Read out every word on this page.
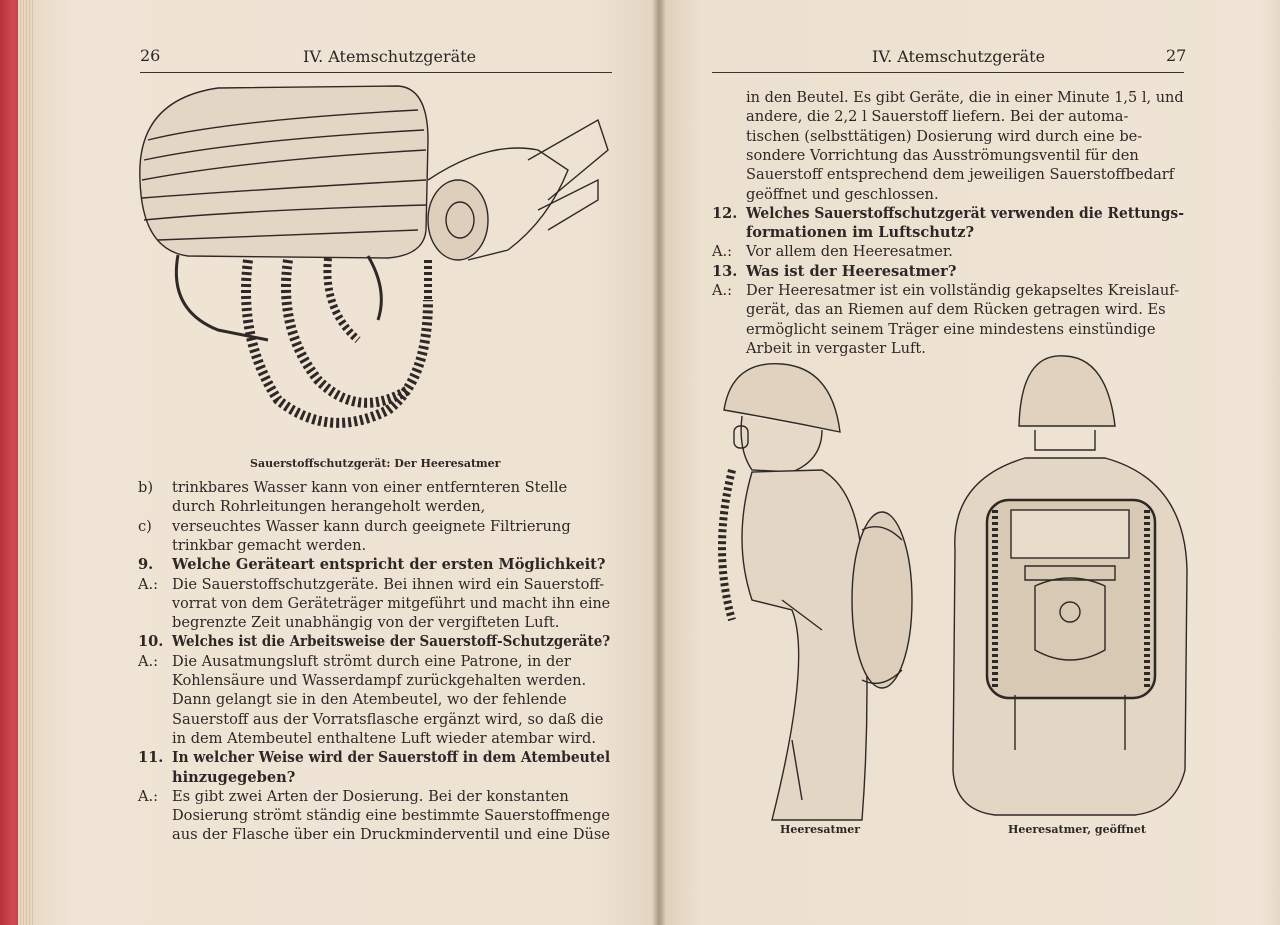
26	IV. Atemschutzgeräte	IV. Atemschutzgeräte	27
Sauerstoffschutzgerät: Der Heeresatmer
b) trinkbares Wasser kann von einer entfernteren Stelle
durch Rohrleitungen herangeholt werden,
c) verseuchtes Wasser kann durch geeignete Filtrierung
trinkbar gemacht werden.
9. Welche Geräteart entspricht der ersten Möglichkeit?
A.: Die Sauerstoffschutzgeräte. Bei ihnen wird ein Sauerstoff-
vorrat von dem Geräteträger mitgeführt und macht ihn eine
begrenzte Zeit unabhängig von der vergifteten Luft.
10. Welches ist die Arbeitsweise der Sauerstoff-Schutzgeräte?
A.: Die Ausatmungsluft strömt durch eine Patrone, in der
Kohlensäure und Wasserdampf zurückgehalten werden.
Dann gelangt sie in den Atembeutel, wo der fehlende
Sauerstoff aus der Vorratsflasche ergänzt wird, so daß die
in dem Atembeutel enthaltene Luft wieder atembar wird.
11. In welcher Weise wird der Sauerstoff in dem Atembeutel
hinzugegeben?
A.: Es gibt zwei Arten der Dosierung. Bei der konstanten
Dosierung strömt ständig eine bestimmte Sauerstoffmenge
aus der Flasche über ein Druckminderventil und eine Düse
in den Beutel. Es gibt Geräte, die in einer Minute 1,5 l, und
andere, die 2,2 l Sauerstoff liefern. Bei der automa-
tischen (selbsttätigen) Dosierung wird durch eine be-
sondere Vorrichtung das Ausströmungsventil für den
Sauerstoff entsprechend dem jeweiligen Sauerstoffbedarf
geöffnet und geschlossen.
12. Welches Sauerstoffschutzgerät verwenden die Rettungs-
formationen im Luftschutz?
A.: Vor allem den Heeresatmer.
13. Was ist der Heeresatmer?
A.: Der Heeresatmer ist ein vollständig gekapseltes Kreislauf-
gerät, das an Riemen auf dem Rücken getragen wird. Es
ermöglicht seinem Träger eine mindestens einstündige
Arbeit in vergaster Luft.
Heeresatmer	Heeresatmer, geöffnet
